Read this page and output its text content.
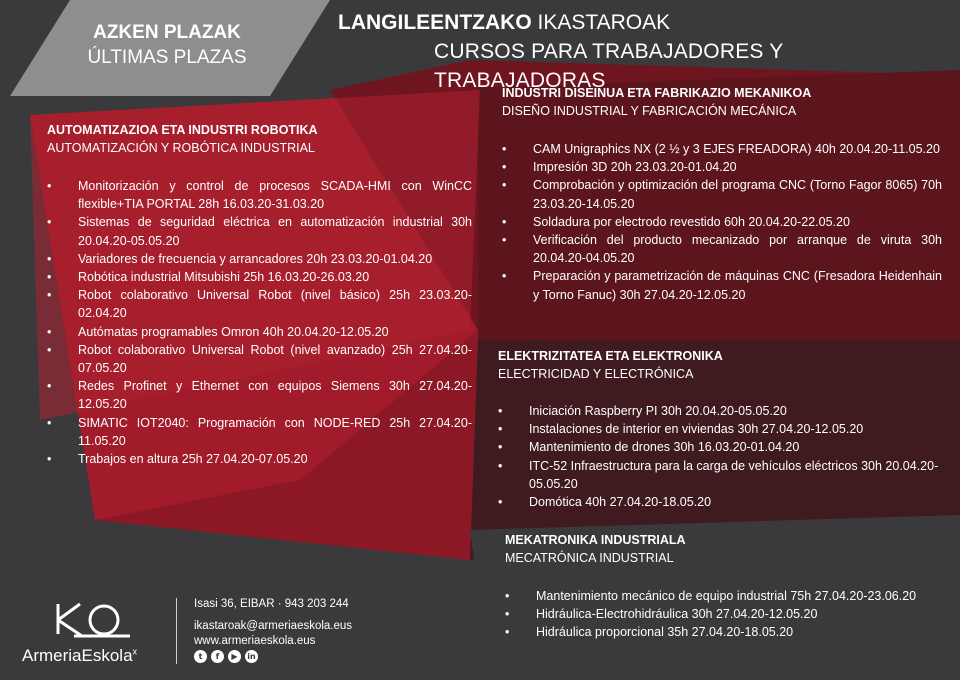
AZKEN PLAZAK
ÚLTIMAS PLAZAS
LANGILEENTZAKO IKASTAROAK
CURSOS PARA TRABAJADORES Y TRABAJADORAS
AUTOMATIZAZIOA ETA INDUSTRI ROBOTIKA
AUTOMATIZACIÓN Y ROBÓTICA INDUSTRIAL
• Monitorización y control de procesos SCADA-HMI con WinCC flexible+TIA PORTAL 28h 16.03.20-31.03.20
• Sistemas de seguridad eléctrica en automatización industrial 30h 20.04.20-05.05.20
• Variadores de frecuencia y arrancadores 20h 23.03.20-01.04.20
• Robótica industrial Mitsubishi 25h 16.03.20-26.03.20
• Robot colaborativo Universal Robot (nivel básico) 25h 23.03.20-02.04.20
• Autómatas programables Omron 40h 20.04.20-12.05.20
• Robot colaborativo Universal Robot (nivel avanzado) 25h 27.04.20-07.05.20
• Redes Profinet y Ethernet con equipos Siemens 30h 27.04.20-12.05.20
• SIMATIC IOT2040: Programación con NODE-RED 25h 27.04.20-11.05.20
• Trabajos en altura 25h 27.04.20-07.05.20
INDUSTRI DISEINUA ETA FABRIKAZIO MEKANIKOA
DISEÑO INDUSTRIAL Y FABRICACIÓN MECÁNICA
• CAM Unigraphics NX (2 ½ y 3 EJES FREADORA) 40h 20.04.20-11.05.20
• Impresión 3D 20h 23.03.20-01.04.20
• Comprobación y optimización del programa CNC (Torno Fagor 8065) 70h 23.03.20-14.05.20
• Soldadura por electrodo revestido 60h 20.04.20-22.05.20
• Verificación del producto mecanizado por arranque de viruta 30h 20.04.20-04.05.20
• Preparación y parametrización de máquinas CNC (Fresadora Heidenhain y Torno Fanuc) 30h 27.04.20-12.05.20
ELEKTRIZITATEA ETA ELEKTRONIKA
ELECTRICIDAD Y ELECTRÓNICA
• Iniciación Raspberry PI 30h 20.04.20-05.05.20
• Instalaciones de interior en viviendas 30h 27.04.20-12.05.20
• Mantenimiento de drones 30h 16.03.20-01.04.20
• ITC-52 Infraestructura para la carga de vehículos eléctricos 30h 20.04.20-05.05.20
• Domótica 40h 27.04.20-18.05.20
MEKATRONIKA INDUSTRIALA
MECATRÓNICA INDUSTRIAL
• Mantenimiento mecánico de equipo industrial 75h 27.04.20-23.06.20
• Hidráulica-Electrohidráulica 30h 27.04.20-12.05.20
• Hidráulica proporcional 35h 27.04.20-18.05.20
ArmeriaEskola$^x$
Isasi 36, EIBAR · 943 203 244
ikastaroak@armeriaeskola.eus
www.armeriaeskola.eus
t	f	▶	in
